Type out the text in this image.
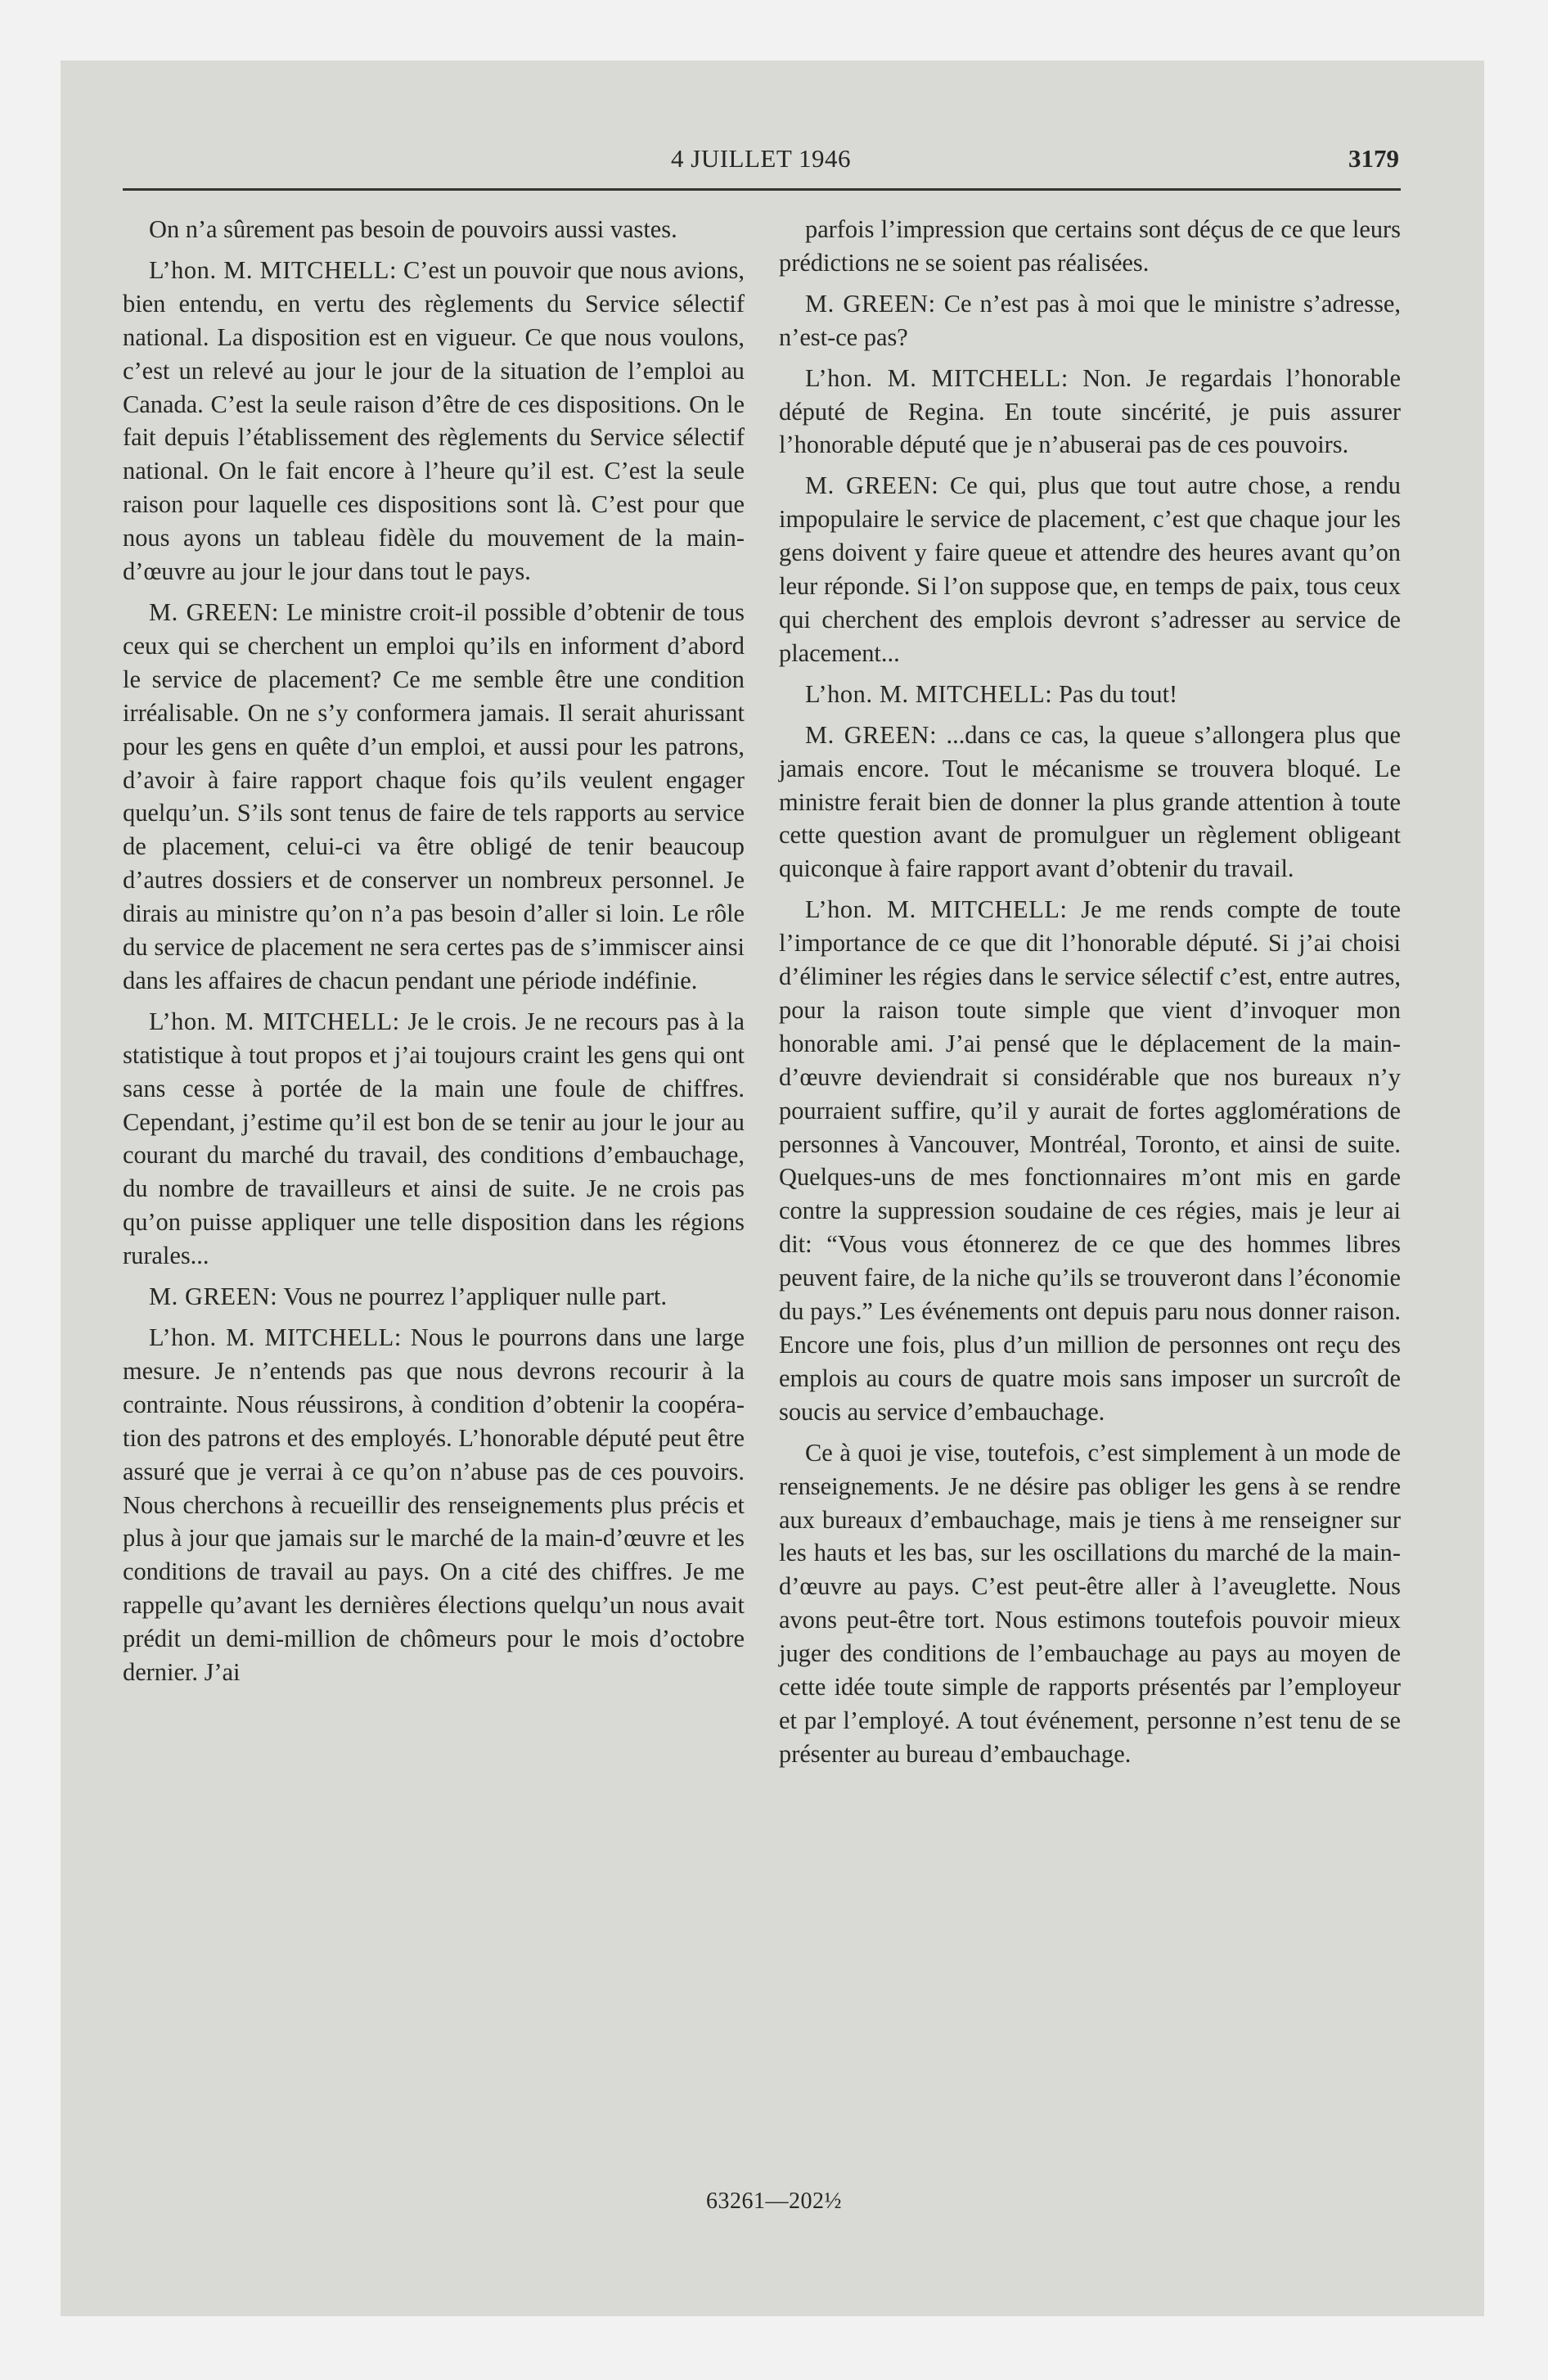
4 JUILLET 1946	3179

On n’a sûrement pas besoin de pouvoirs aussi vastes.

L’hon. M. MITCHELL: C’est un pouvoir que nous avions, bien entendu, en vertu des règlements du Service sélectif national. La disposition est en vigueur. Ce que nous voulons, c’est un relevé au jour le jour de la situation de l’emploi au Canada. C’est la seule raison d’être de ces dispositions. On le fait depuis l’établissement des règlements du Service sélectif national. On le fait encore à l’heure qu’il est. C’est la seule raison pour laquelle ces dispositions sont là. C’est pour que nous ayons un tableau fidèle du mouvement de la main-d’œuvre au jour le jour dans tout le pays.

M. GREEN: Le ministre croit-il possible d’obtenir de tous ceux qui se cherchent un emploi qu’ils en informent d’abord le service de placement? Ce me semble être une condition irréalisable. On ne s’y conformera jamais. Il serait ahurissant pour les gens en quête d’un emploi, et aussi pour les patrons, d’avoir à faire rapport chaque fois qu’ils veulent engager quelqu’un. S’ils sont tenus de faire de tels rapports au service de placement, celui-ci va être obligé de tenir beaucoup d’autres dossiers et de conserver un nombreux personnel. Je dirais au ministre qu’on n’a pas besoin d’aller si loin. Le rôle du service de placement ne sera certes pas de s’immiscer ainsi dans les affaires de chacun pendant une période indéfinie.

L’hon. M. MITCHELL: Je le crois. Je ne recours pas à la statistique à tout propos et j’ai toujours craint les gens qui ont sans cesse à portée de la main une foule de chiffres. Cependant, j’estime qu’il est bon de se tenir au jour le jour au courant du marché du travail, des conditions d’embauchage, du nombre de travailleurs et ainsi de suite. Je ne crois pas qu’on puisse appliquer une telle disposition dans les régions rurales...

M. GREEN: Vous ne pourrez l’appliquer nulle part.

L’hon. M. MITCHELL: Nous le pourrons dans une large mesure. Je n’entends pas que nous devrons recourir à la contrainte. Nous réussirons, à condition d’obtenir la coopération des patrons et des employés. L’honorable député peut être assuré que je verrai à ce qu’on n’abuse pas de ces pouvoirs. Nous cherchons à recueillir des renseignements plus précis et plus à jour que jamais sur le marché de la main-d’œuvre et les conditions de travail au pays. On a cité des chiffres. Je me rappelle qu’avant les dernières élections quelqu’un nous avait prédit un demi-million de chômeurs pour le mois d’octobre dernier. J’ai

parfois l’impression que certains sont déçus de ce que leurs prédictions ne se soient pas réalisées.

M. GREEN: Ce n’est pas à moi que le ministre s’adresse, n’est-ce pas?

L’hon. M. MITCHELL: Non. Je regardais l’honorable député de Regina. En toute sincérité, je puis assurer l’honorable député que je n’abuserai pas de ces pouvoirs.

M. GREEN: Ce qui, plus que tout autre chose, a rendu impopulaire le service de placement, c’est que chaque jour les gens doivent y faire queue et attendre des heures avant qu’on leur réponde. Si l’on suppose que, en temps de paix, tous ceux qui cherchent des emplois devront s’adresser au service de placement...

L’hon. M. MITCHELL: Pas du tout!

M. GREEN: ...dans ce cas, la queue s’allongera plus que jamais encore. Tout le mécanisme se trouvera bloqué. Le ministre ferait bien de donner la plus grande attention à toute cette question avant de promulguer un règlement obligeant quiconque à faire rapport avant d’obtenir du travail.

L’hon. M. MITCHELL: Je me rends compte de toute l’importance de ce que dit l’honorable député. Si j’ai choisi d’éliminer les régies dans le service sélectif c’est, entre autres, pour la raison toute simple que vient d’invoquer mon honorable ami. J’ai pensé que le déplacement de la main-d’œuvre deviendrait si considérable que nos bureaux n’y pourraient suffire, qu’il y aurait de fortes agglomérations de personnes à Vancouver, Montréal, Toronto, et ainsi de suite. Quelques-uns de mes fonctionnaires m’ont mis en garde contre la suppression soudaine de ces régies, mais je leur ai dit: “Vous vous étonnerez de ce que des hommes libres peuvent faire, de la niche qu’ils se trouveront dans l’économie du pays.” Les événements ont depuis paru nous donner raison. Encore une fois, plus d’un million de personnes ont reçu des emplois au cours de quatre mois sans imposer un surcroît de soucis au service d’embauchage.

Ce à quoi je vise, toutefois, c’est simplement à un mode de renseignements. Je ne désire pas obliger les gens à se rendre aux bureaux d’embauchage, mais je tiens à me renseigner sur les hauts et les bas, sur les oscillations du marché de la main-d’œuvre au pays. C’est peut-être aller à l’aveuglette. Nous avons peut-être tort. Nous estimons toutefois pouvoir mieux juger des conditions de l’embauchage au pays au moyen de cette idée toute simple de rapports présentés par l’employeur et par l’employé. A tout événement, personne n’est tenu de se présenter au bureau d’embauchage.

63261—202½
